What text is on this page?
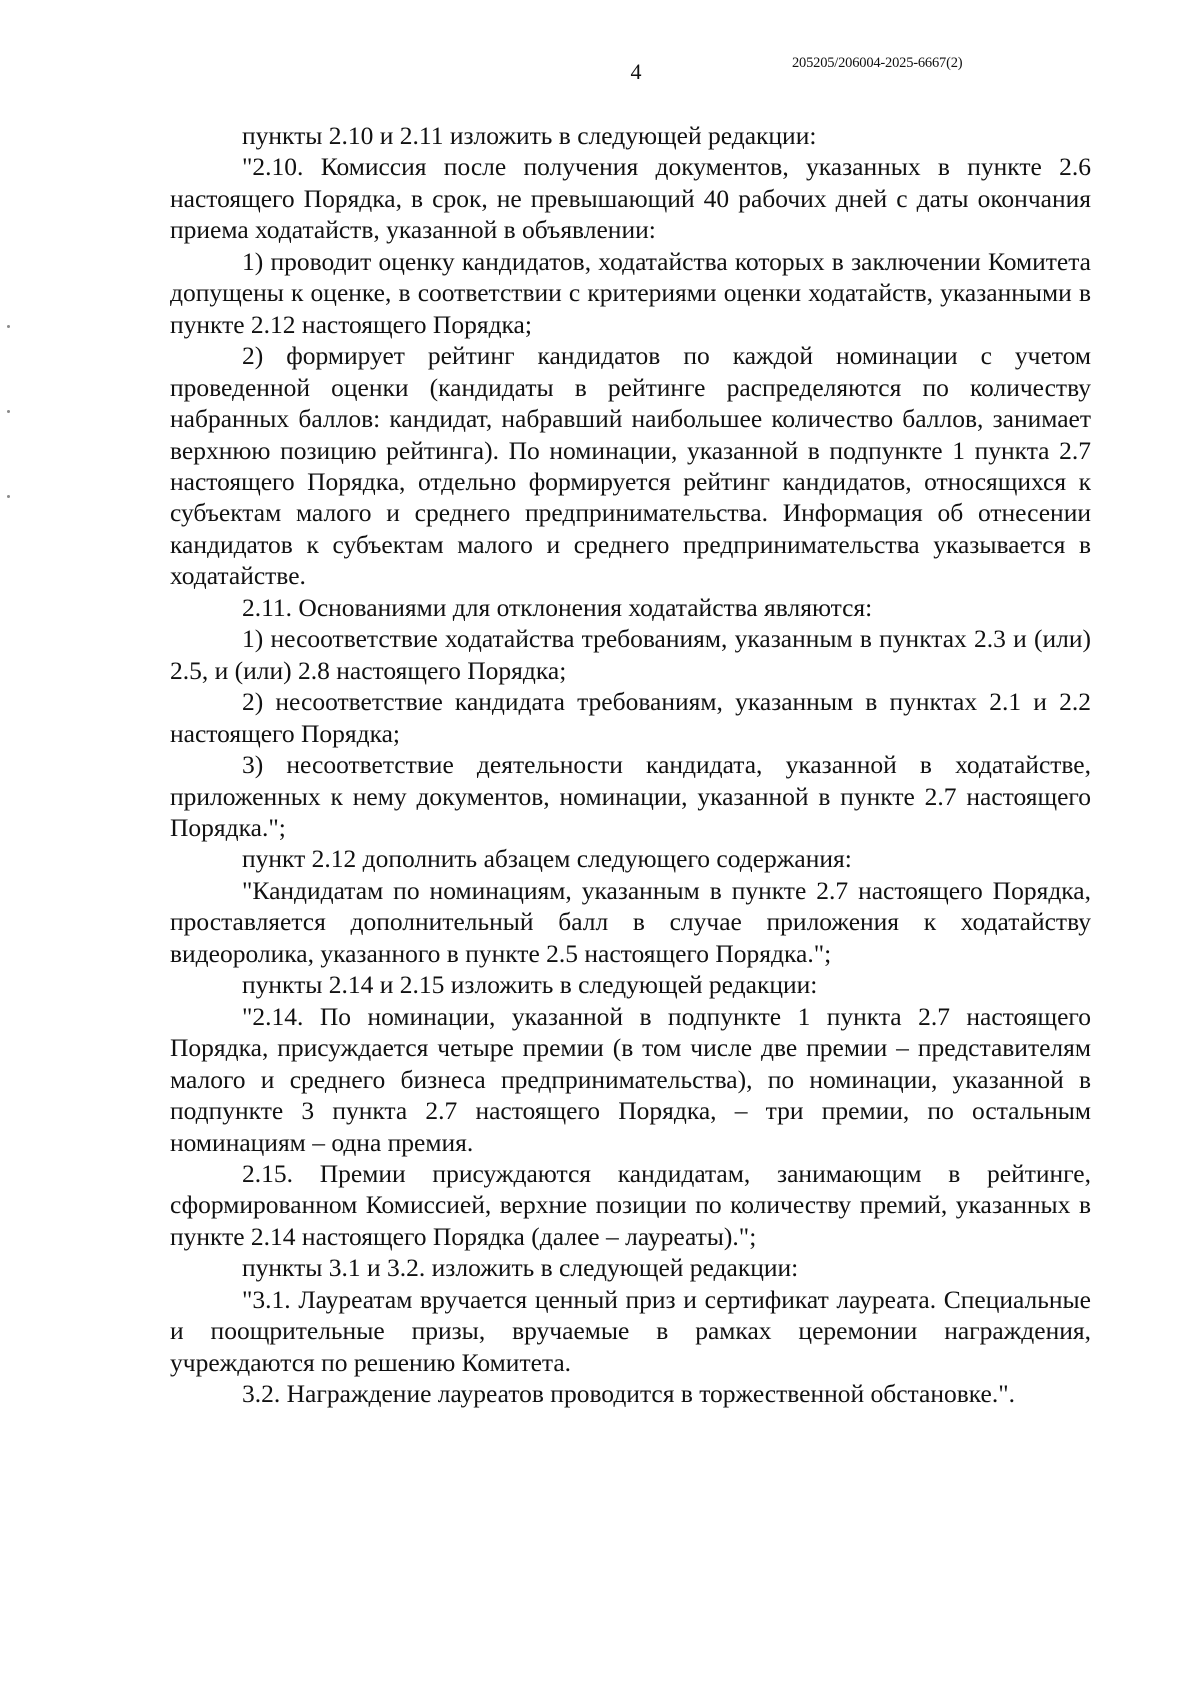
4	205205/206004-2025-6667(2)

пункты 2.10 и 2.11 изложить в следующей редакции:

"2.10. Комиссия после получения документов, указанных в пункте 2.6 настоящего Порядка, в срок, не превышающий 40 рабочих дней с даты окончания приема ходатайств, указанной в объявлении:

1) проводит оценку кандидатов, ходатайства которых в заключении Комитета допущены к оценке, в соответствии с критериями оценки ходатайств, указанными в пункте 2.12 настоящего Порядка;

2) формирует рейтинг кандидатов по каждой номинации с учетом проведенной оценки (кандидаты в рейтинге распределяются по количеству набранных баллов: кандидат, набравший наибольшее количество баллов, занимает верхнюю позицию рейтинга). По номинации, указанной в подпункте 1 пункта 2.7 настоящего Порядка, отдельно формируется рейтинг кандидатов, относящихся к субъектам малого и среднего предпринимательства. Информация об отнесении кандидатов к субъектам малого и среднего предпринимательства указывается в ходатайстве.

2.11. Основаниями для отклонения ходатайства являются:

1) несоответствие ходатайства требованиям, указанным в пунктах 2.3 и (или) 2.5, и (или) 2.8 настоящего Порядка;

2) несоответствие кандидата требованиям, указанным в пунктах 2.1 и 2.2 настоящего Порядка;

3) несоответствие деятельности кандидата, указанной в ходатайстве, приложенных к нему документов, номинации, указанной в пункте 2.7 настоящего Порядка.";

пункт 2.12 дополнить абзацем следующего содержания:

"Кандидатам по номинациям, указанным в пункте 2.7 настоящего Порядка, проставляется дополнительный балл в случае приложения к ходатайству видеоролика, указанного в пункте 2.5 настоящего Порядка.";

пункты 2.14 и 2.15 изложить в следующей редакции:

"2.14. По номинации, указанной в подпункте 1 пункта 2.7 настоящего Порядка, присуждается четыре премии (в том числе две премии – представителям малого и среднего бизнеса предпринимательства), по номинации, указанной в подпункте 3 пункта 2.7 настоящего Порядка, – три премии, по остальным номинациям – одна премия.

2.15. Премии присуждаются кандидатам, занимающим в рейтинге, сформированном Комиссией, верхние позиции по количеству премий, указанных в пункте 2.14 настоящего Порядка (далее – лауреаты).";

пункты 3.1 и 3.2. изложить в следующей редакции:

"3.1. Лауреатам вручается ценный приз и сертификат лауреата. Специальные и поощрительные призы, вручаемые в рамках церемонии награждения, учреждаются по решению Комитета.

3.2. Награждение лауреатов проводится в торжественной обстановке.".
